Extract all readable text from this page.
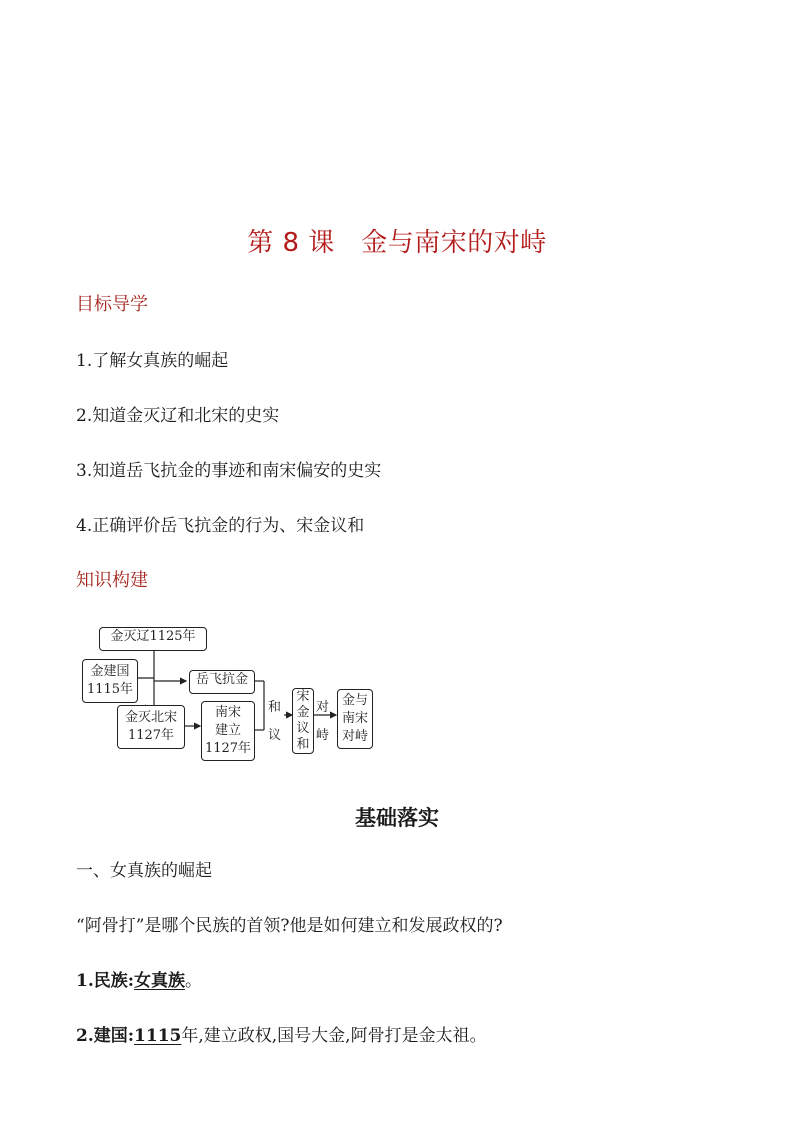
第 8 课　金与南宋的对峙
目标导学
1.了解女真族的崛起
2.知道金灭辽和北宋的史实
3.知道岳飞抗金的事迹和南宋偏安的史实
4.正确评价岳飞抗金的行为、宋金议和
知识构建
金灭辽1125年
金建国
1115年
岳飞抗金
金灭北宋
1127年
南宋
建立
1127年
和
议
宋
金
议
和
对
峙
金与
南宋
对峙
基础落实
一、女真族的崛起
“阿骨打”是哪个民族的首领?他是如何建立和发展政权的?
1.民族:女真族。
2.建国:1115年,建立政权,国号大金,阿骨打是金太祖。
